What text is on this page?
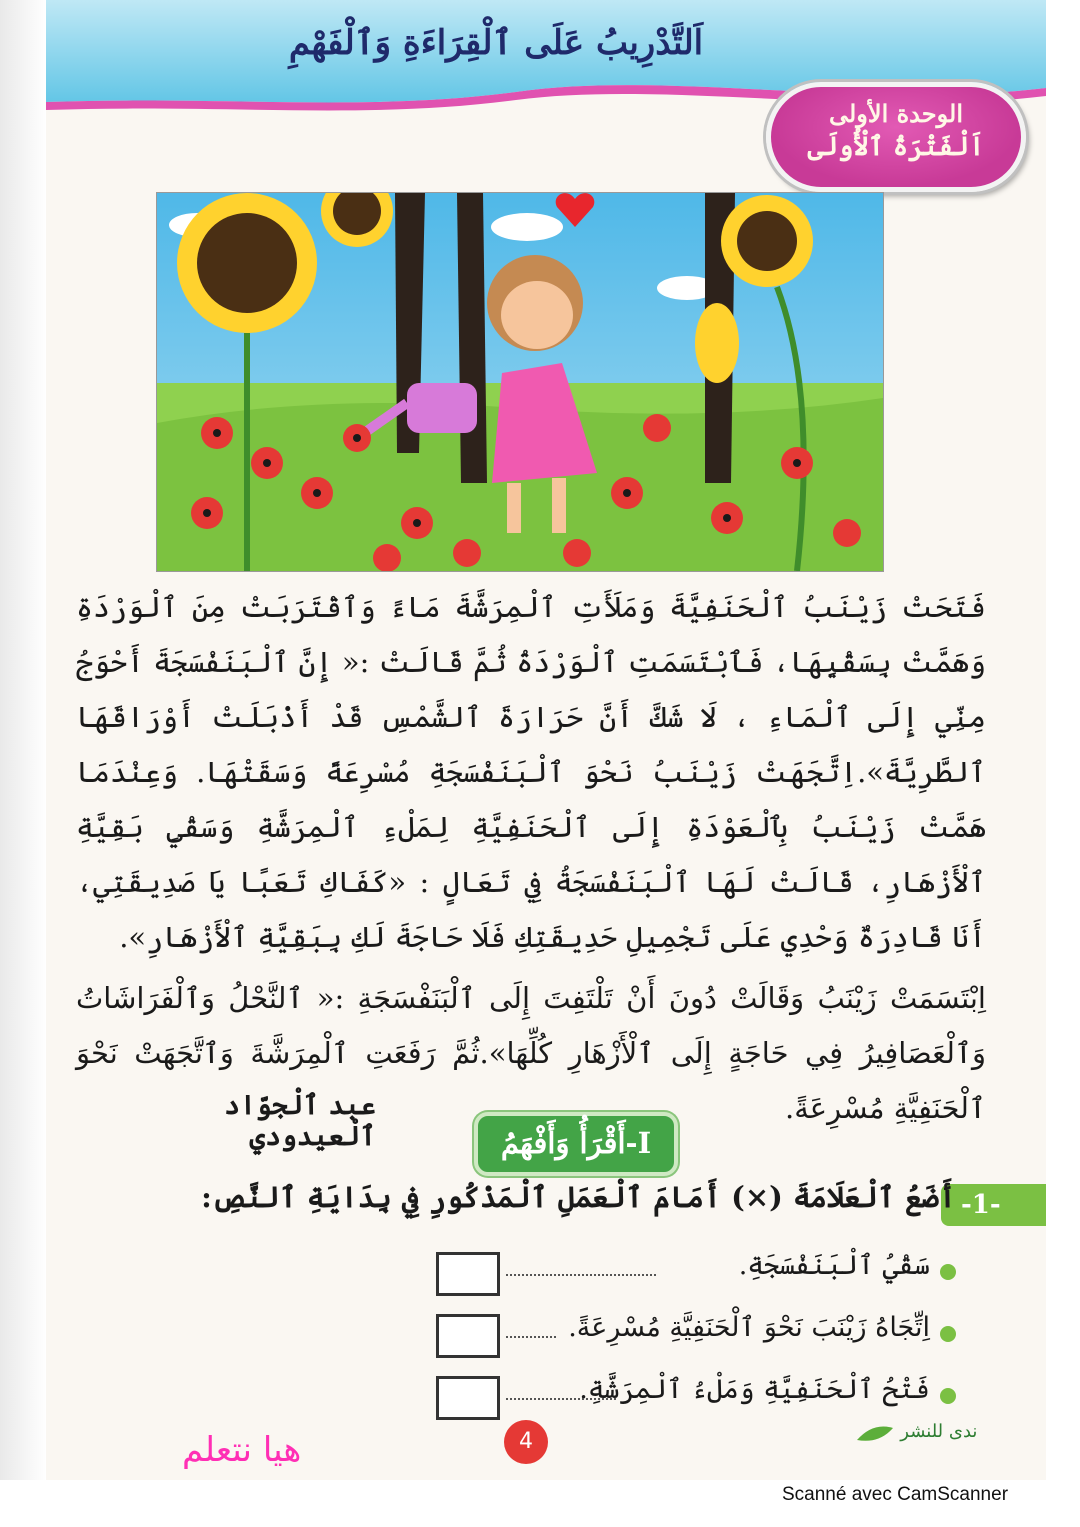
اَلتَّدْرِيبُ عَلَى ٱلْقِرَاءَةِ وَٱلْفَهْمِ
الوحدة الأولى
اَلْفَتْرَةُ ٱلْأُولَى

فَتَحَتْ زَيْنَبُ ٱلْحَنَفِيَّةَ وَمَلَأَتِ ٱلْمِرَشَّةَ مَاءً وَٱقْتَرَبَتْ مِنَ ٱلْوَرْدَةِ وَهَمَّتْ بِسَقْيِهَا، فَٱبْتَسَمَتِ ٱلْوَرْدَةُ ثُمَّ قَالَتْ :« إِنَّ ٱلْبَنَفْسَجَةَ أَحْوَجُ مِنِّي إِلَى ٱلْمَاءِ ، لَا شَكَّ أَنَّ حَرَارَةَ ٱلشَّمْسِ قَدْ أَذْبَلَتْ أَوْرَاقَهَا ٱلطَّرِيَّةَ».اِتَّجَهَتْ زَيْنَبُ نَحْوَ ٱلْبَنَفْسَجَةِ مُسْرِعَةً وَسَقَتْهَا. وَعِنْدَمَا هَمَّتْ زَيْنَبُ بِٱلْعَوْدَةِ إِلَى ٱلْحَنَفِيَّةِ لِمَلْءِ ٱلْمِرَشَّةِ وَسَقْيِ بَقِيَّةِ ٱلْأَزْهَارِ، قَالَتْ لَهَا ٱلْبَنَفْسَجَةُ فِي تَعَالٍ : «كَفَاكِ تَعَبًا يَا صَدِيقَتِي، أَنَا قَادِرَةٌ وَحْدِي عَلَى تَجْمِيلِ حَدِيقَتِكِ فَلَا حَاجَةَ لَكِ بِبَقِيَّةِ ٱلْأَزْهَارِ».

اِبْتَسَمَتْ زَيْنَبُ وَقَالَتْ دُونَ أَنْ تَلْتَفِتَ إِلَى ٱلْبَنَفْسَجَةِ :« ٱلنَّحْلُ وَٱلْفَرَاشَاتُ وَٱلْعَصَافِيرُ فِي حَاجَةٍ إِلَى ٱلْأَزْهَارِ كُلِّهَا».ثُمَّ رَفَعَتِ ٱلْمِرَشَّةَ وَٱتَّجَهَتْ نَحْوَ ٱلْحَنَفِيَّةِ مُسْرِعَةً.

عبد ٱلْجوّاد ٱلْعيدودي	I-أَقْرَأُ وَأَفْهَمُ
-1-
أَضَعُ ٱلْعَلَامَةَ (×) أَمَامَ ٱلْعَمَلِ ٱلْمَذْكُورِ فِي بِدَايَةِ ٱلنَّصِ:
سَقْيُ ٱلْبَنَفْسَجَةِ.
اِتِّجَاهُ زَيْنَبَ نَحْوَ ٱلْحَنَفِيَّةِ مُسْرِعَةً.
فَتْحُ ٱلْحَنَفِيَّةِ وَمَلْءُ ٱلْمِرَشَّةِ.
4	ندى للنشر
هيا نتعلم
Scanné avec CamScanner
